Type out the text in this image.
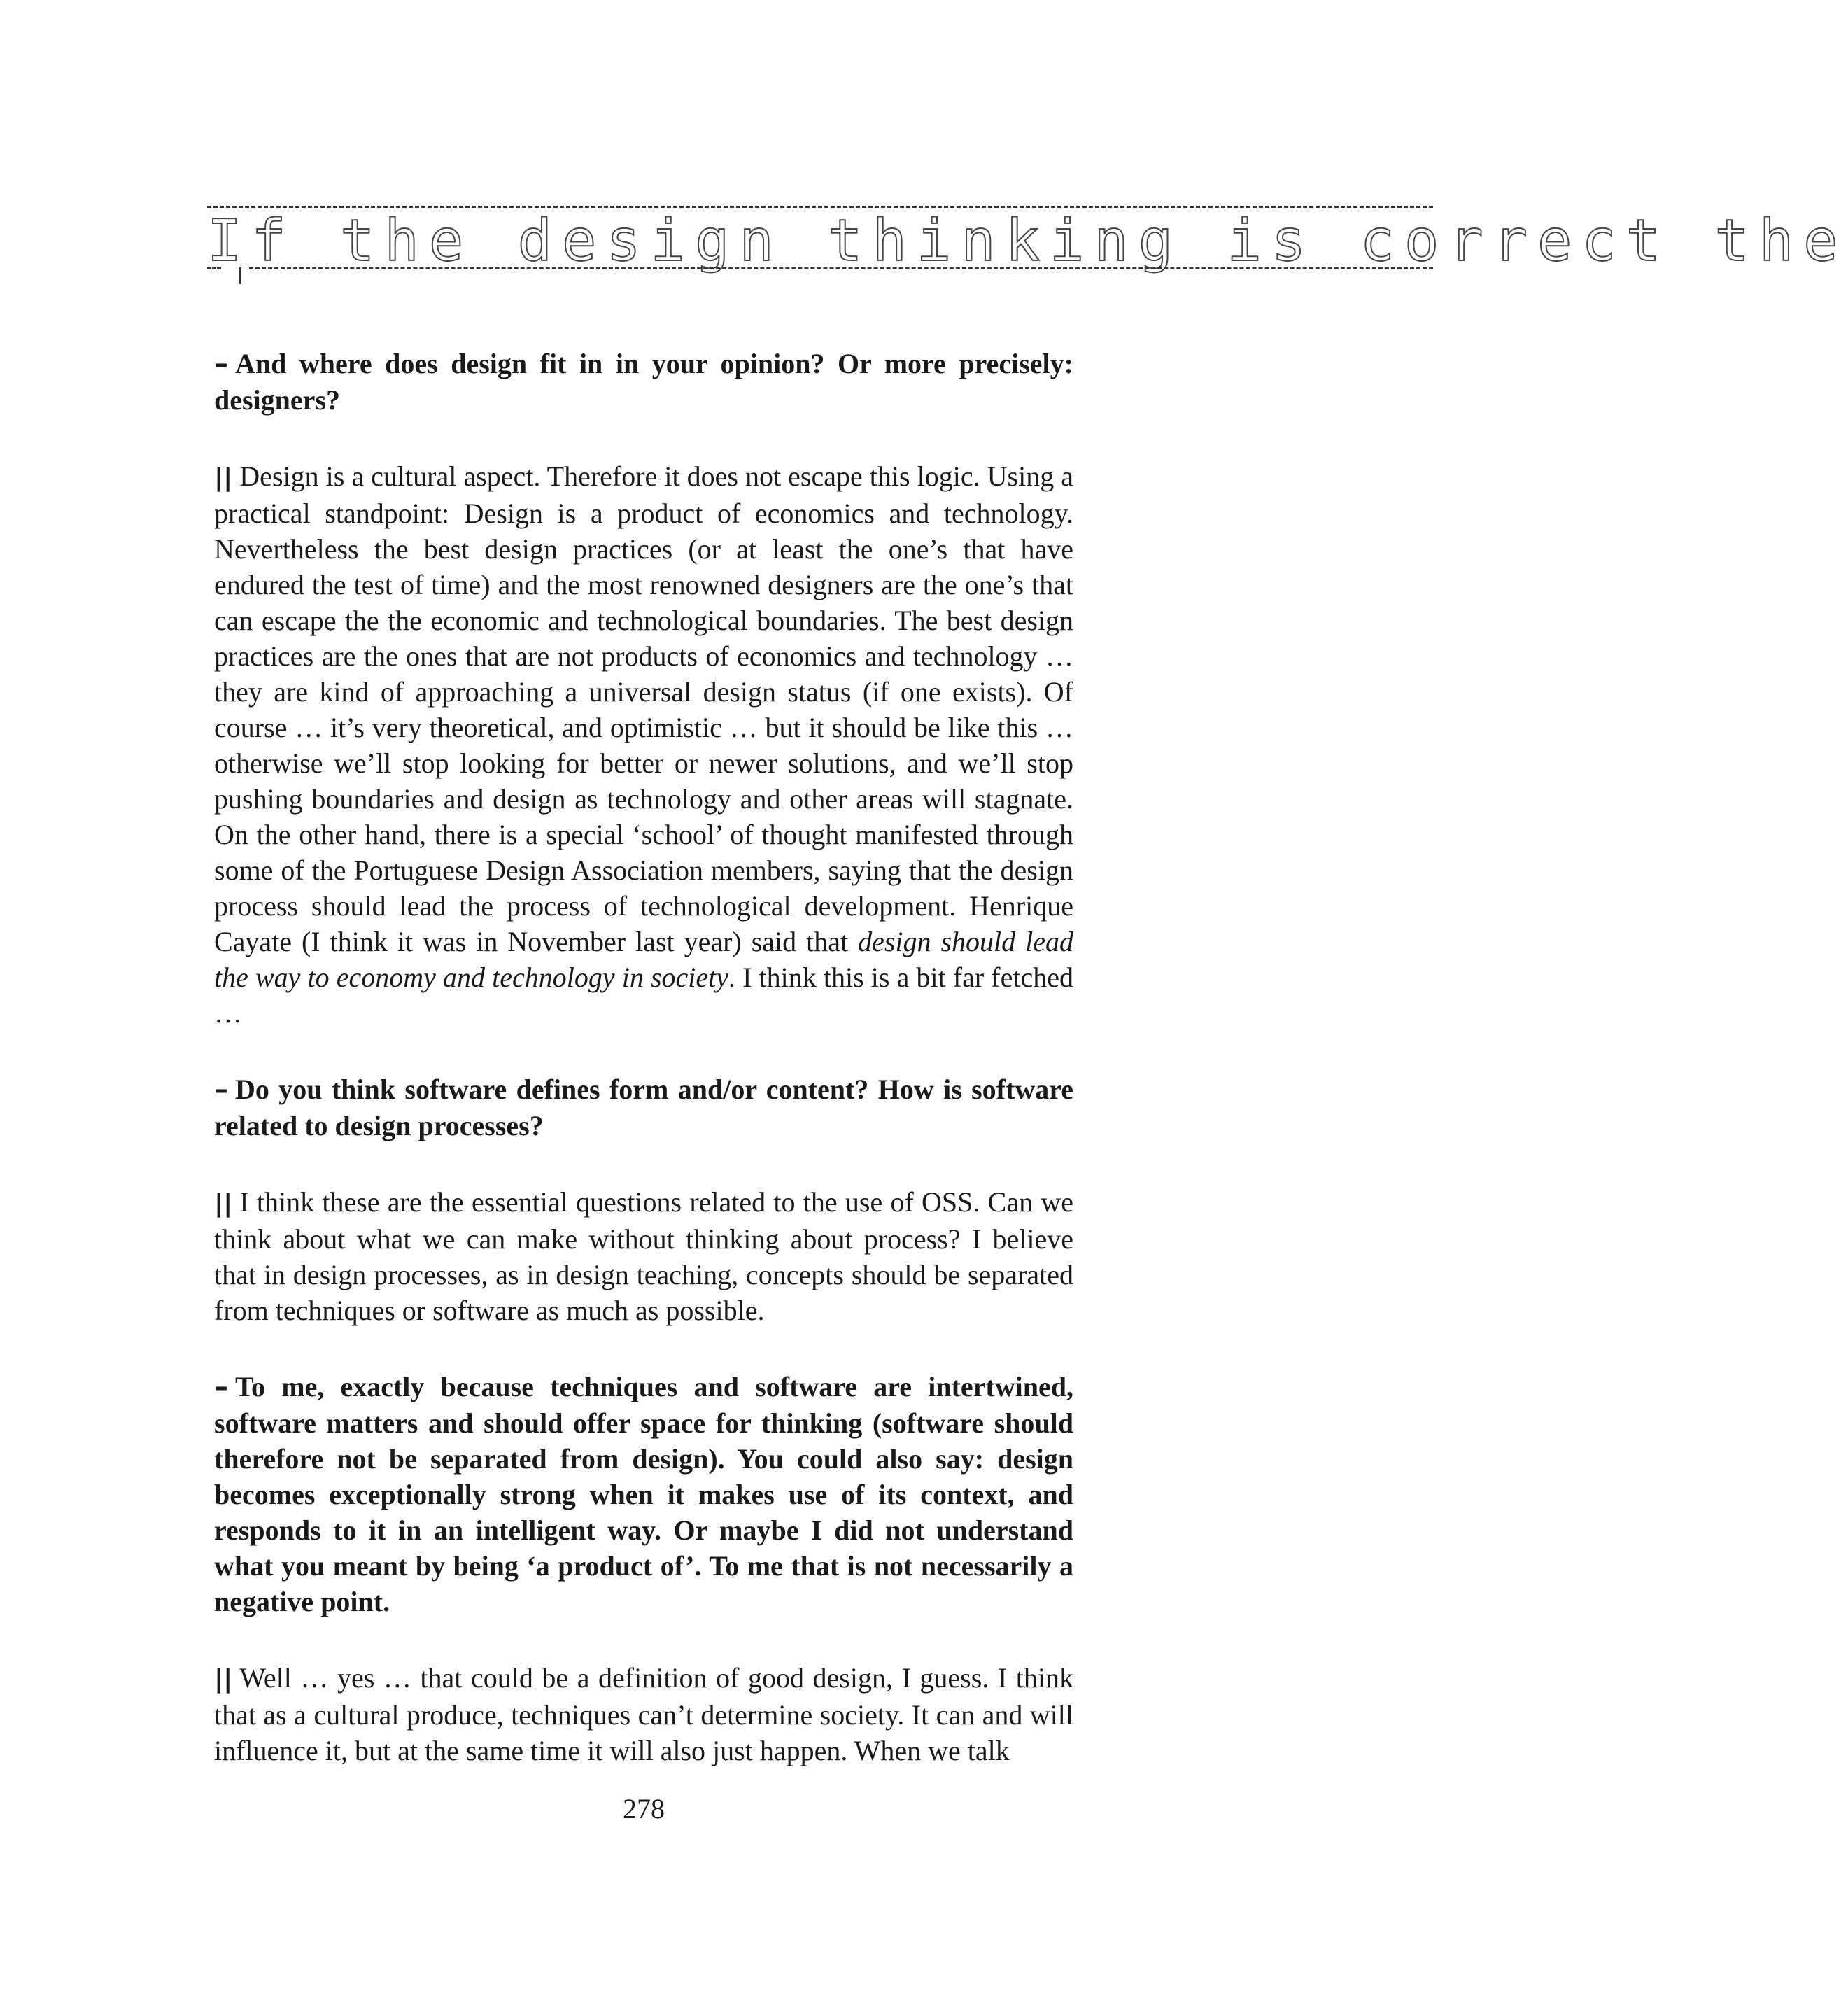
If the design thinking is correct the

– And where does design fit in in your opinion? Or more precisely: designers?

|| Design is a cultural aspect. Therefore it does not escape this logic. Using a practical standpoint: Design is a product of economics and technology. Nevertheless the best design practices (or at least the one’s that have endured the test of time) and the most renowned designers are the one’s that can escape the the economic and technological boundaries. The best design practices are the ones that are not products of economics and technology … they are kind of approaching a universal design status (if one exists). Of course … it’s very theoretical, and optimistic … but it should be like this … otherwise we’ll stop looking for better or newer solutions, and we’ll stop pushing boundaries and design as technology and other areas will stagnate. On the other hand, there is a special ‘school’ of thought manifested through some of the Portuguese Design Association members, saying that the design process should lead the process of technological development. Henrique Cayate (I think it was in November last year) said that design should lead the way to economy and technology in society. I think this is a bit far fetched …

– Do you think software defines form and/or content? How is software related to design processes?

|| I think these are the essential questions related to the use of OSS. Can we think about what we can make without thinking about process? I believe that in design processes, as in design teaching, concepts should be separated from techniques or software as much as possible.

– To me, exactly because techniques and software are intertwined, software matters and should offer space for thinking (software should therefore not be separated from design). You could also say: design becomes exceptionally strong when it makes use of its context, and responds to it in an intelligent way. Or maybe I did not understand what you meant by being ‘a product of’. To me that is not necessarily a negative point.

|| Well … yes … that could be a definition of good design, I guess. I think that as a cultural produce, techniques can’t determine society. It can and will influence it, but at the same time it will also just happen. When we talk

278
